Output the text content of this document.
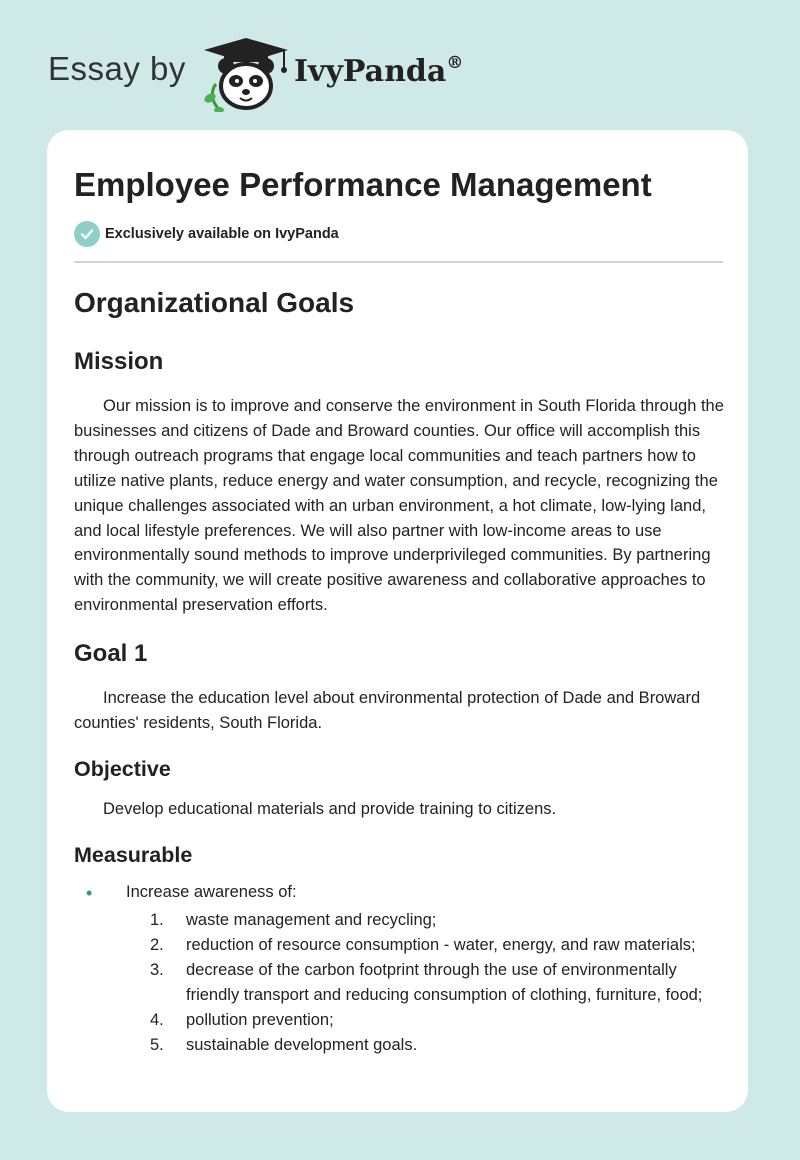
Essay by	IvyPanda®
Employee Performance Management
Exclusively available on IvyPanda
Organizational Goals
Mission

Our mission is to improve and conserve the environment in South Florida through the businesses and citizens of Dade and Broward counties. Our office will accomplish this through outreach programs that engage local communities and teach partners how to utilize native plants, reduce energy and water consumption, and recycle, recognizing the unique challenges associated with an urban environment, a hot climate, low-lying land, and local lifestyle preferences. We will also partner with low-income areas to use environmentally sound methods to improve underprivileged communities. By partnering with the community, we will create positive awareness and collaborative approaches to environmental preservation efforts.

Goal 1

Increase the education level about environmental protection of Dade and Broward counties' residents, South Florida.

Objective

Develop educational materials and provide training to citizens.

Measurable
• Increase awareness of:
1. waste management and recycling;
2. reduction of resource consumption - water, energy, and raw materials;
3. decrease of the carbon footprint through the use of environmentally friendly transport and reducing consumption of clothing, furniture, food;
4. pollution prevention;
5. sustainable development goals.
